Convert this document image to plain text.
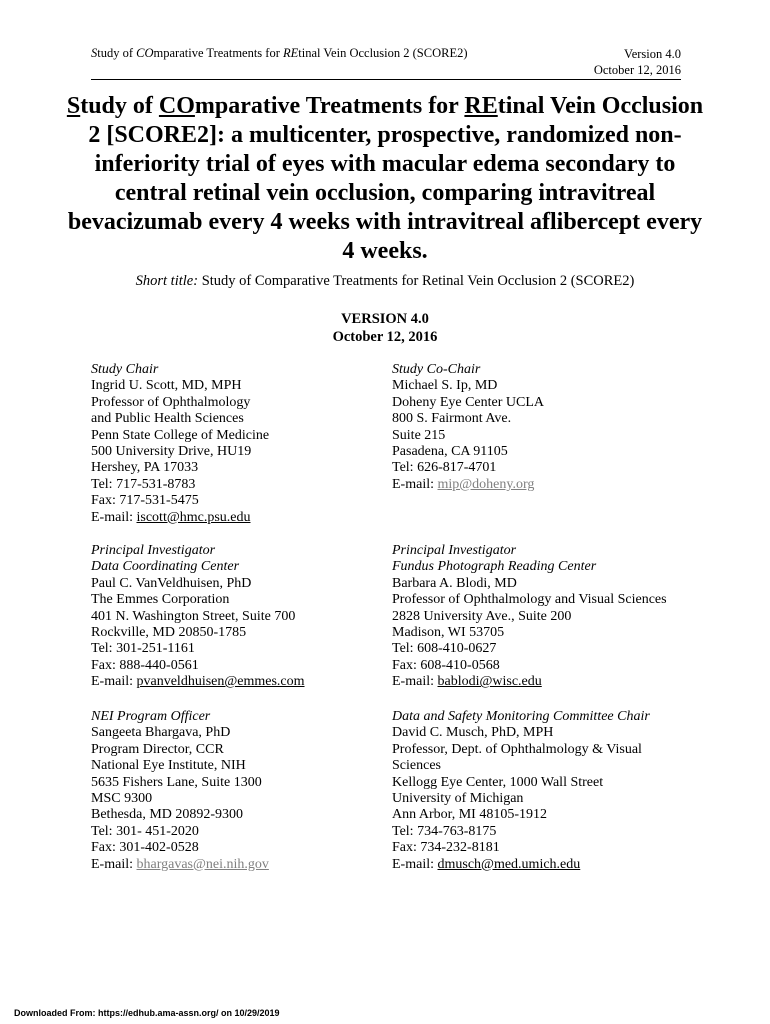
Study of COmparative Treatments for REtinal Vein Occlusion 2 (SCORE2)	Version 4.0
October 12, 2016
Study of COmparative Treatments for REtinal Vein Occlusion 2 [SCORE2]: a multicenter, prospective, randomized non-inferiority trial of eyes with macular edema secondary to central retinal vein occlusion, comparing intravitreal bevacizumab every 4 weeks with intravitreal aflibercept every 4 weeks.
Short title: Study of Comparative Treatments for Retinal Vein Occlusion 2 (SCORE2)
VERSION 4.0
October 12, 2016
Study Chair
Ingrid U. Scott, MD, MPH
Professor of Ophthalmology
and Public Health Sciences
Penn State College of Medicine
500 University Drive, HU19
Hershey, PA 17033
Tel: 717-531-8783
Fax: 717-531-5475
E-mail: iscott@hmc.psu.edu
Study Co-Chair
Michael S. Ip, MD
Doheny Eye Center UCLA
800 S. Fairmont Ave.
Suite 215
Pasadena, CA 91105
Tel: 626-817-4701
E-mail: mip@doheny.org
Principal Investigator
Data Coordinating Center
Paul C. VanVeldhuisen, PhD
The Emmes Corporation
401 N. Washington Street, Suite 700
Rockville, MD 20850-1785
Tel: 301-251-1161
Fax: 888-440-0561
E-mail: pvanveldhuisen@emmes.com
Principal Investigator
Fundus Photograph Reading Center
Barbara A. Blodi, MD
Professor of Ophthalmology and Visual Sciences
2828 University Ave., Suite 200
Madison, WI 53705
Tel: 608-410-0627
Fax: 608-410-0568
E-mail: bablodi@wisc.edu
NEI Program Officer
Sangeeta Bhargava, PhD
Program Director, CCR
National Eye Institute, NIH
5635 Fishers Lane, Suite 1300
MSC 9300
Bethesda, MD 20892-9300
Tel: 301- 451-2020
Fax: 301-402-0528
E-mail: bhargavas@nei.nih.gov
Data and Safety Monitoring Committee Chair
David C. Musch, PhD, MPH
Professor, Dept. of Ophthalmology & Visual
Sciences
Kellogg Eye Center, 1000 Wall Street
University of Michigan
Ann Arbor, MI 48105-1912
Tel: 734-763-8175
Fax: 734-232-8181
E-mail: dmusch@med.umich.edu
Downloaded From: https://edhub.ama-assn.org/ on 10/29/2019
